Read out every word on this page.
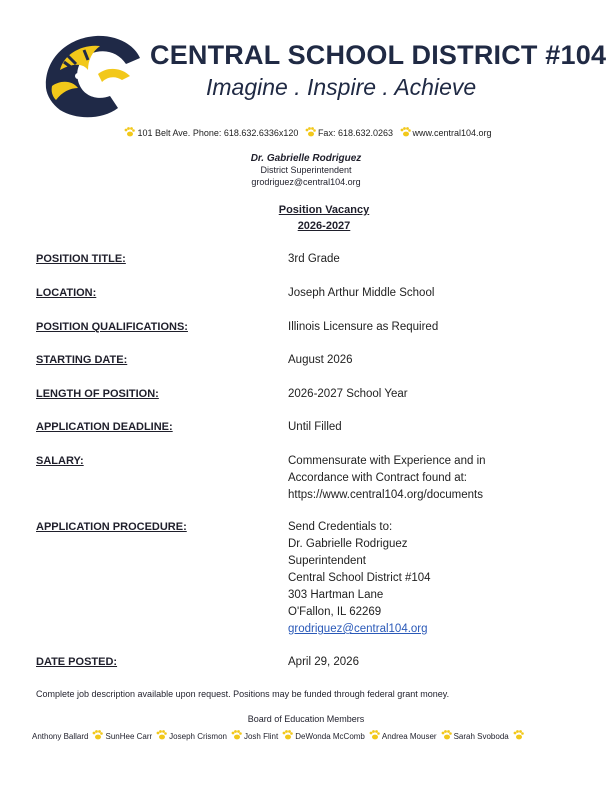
CENTRAL SCHOOL DISTRICT #104
Imagine . Inspire . Achieve
101 Belt Ave. Phone: 618.632.6336x120 Fax: 618.632.0263 www.central104.org
Dr. Gabrielle Rodriguez
District Superintendent
grodriguez@central104.org
Position Vacancy
2026-2027
POSITION TITLE:	3rd Grade
LOCATION:	Joseph Arthur Middle School
POSITION QUALIFICATIONS:	Illinois Licensure as Required
STARTING DATE:	August 2026
LENGTH OF POSITION:	2026-2027 School Year
APPLICATION DEADLINE:	Until Filled
SALARY:	Commensurate with Experience and in
Accordance with Contract found at:
https://www.central104.org/documents
APPLICATION PROCEDURE:	Send Credentials to:
Dr. Gabrielle Rodriguez
Superintendent
Central School District #104
303 Hartman Lane
O'Fallon, IL 62269
grodriguez@central104.org
DATE POSTED:	April 29, 2026
Complete job description available upon request. Positions may be funded through federal grant money.
Board of Education Members
Anthony Ballard SunHee Carr Joseph Crismon Josh Flint DeWonda McComb Andrea Mouser Sarah Svoboda
